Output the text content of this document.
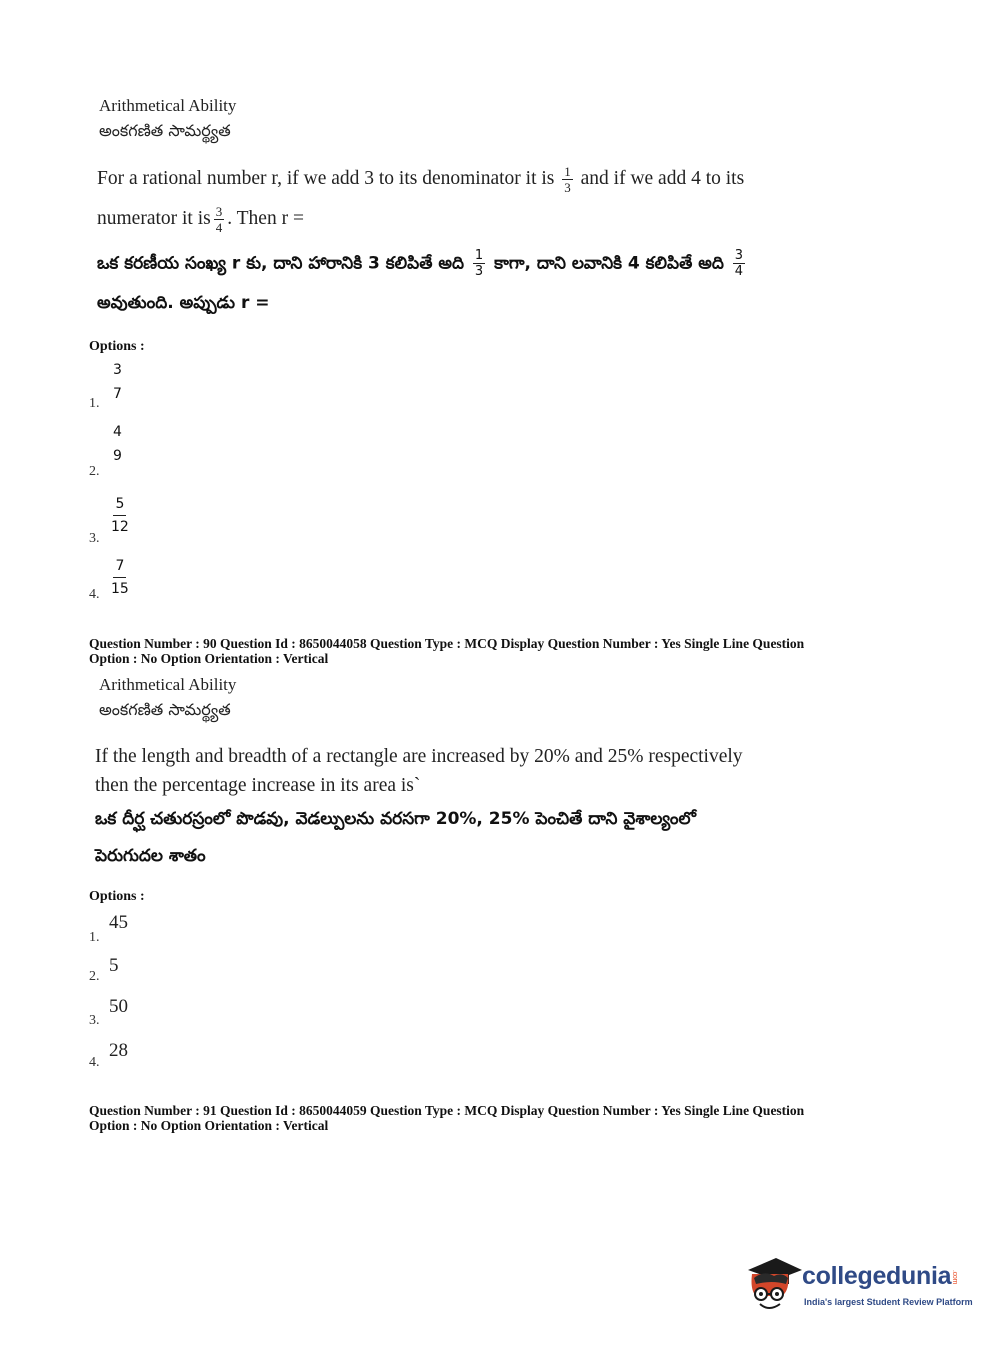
Arithmetical Ability
అంకగణిత సామర్థ్యత
For a rational number r, if we add 3 to its denominator it is $\frac{1}{3}$ and if we add 4 to its
numerator it is $\frac{3}{4}$ . Then r =
ఒక కరణీయ సంఖ్య r కు, దాని హారానికి 3 కలిపితే అది $\frac{1}{3}$ కాగా, దాని లవానికి 4 కలిపితే అది $\frac{3}{4}$
అవుతుంది. అప్పుడు r =
Options :
1.
3
7
2.
4
9
3.
$\frac{5}{12}$
4. $\frac{7}{15}$
Question Number : 90 Question Id : 8650044058 Question Type : MCQ Display Question Number : Yes Single Line Question
Option : No Option Orientation : Vertical
Arithmetical Ability
అంకగణిత సామర్థ్యత
If the length and breadth of a rectangle are increased by 20% and 25% respectively
then the percentage increase in its area is`
ఒక దీర్ఘ చతురస్రంలో పొడవు, వెడల్పులను వరసగా 20%, 25% పెంచితే దాని వైశాల్యంలో
పెరుగుదల శాతం
Options :
1.
45
2.
5
3.
50
4.
28
Question Number : 91 Question Id : 8650044059 Question Type : MCQ Display Question Number : Yes Single Line Question
Option : No Option Orientation : Vertical
collegedunia.com
India's largest Student Review Platform
